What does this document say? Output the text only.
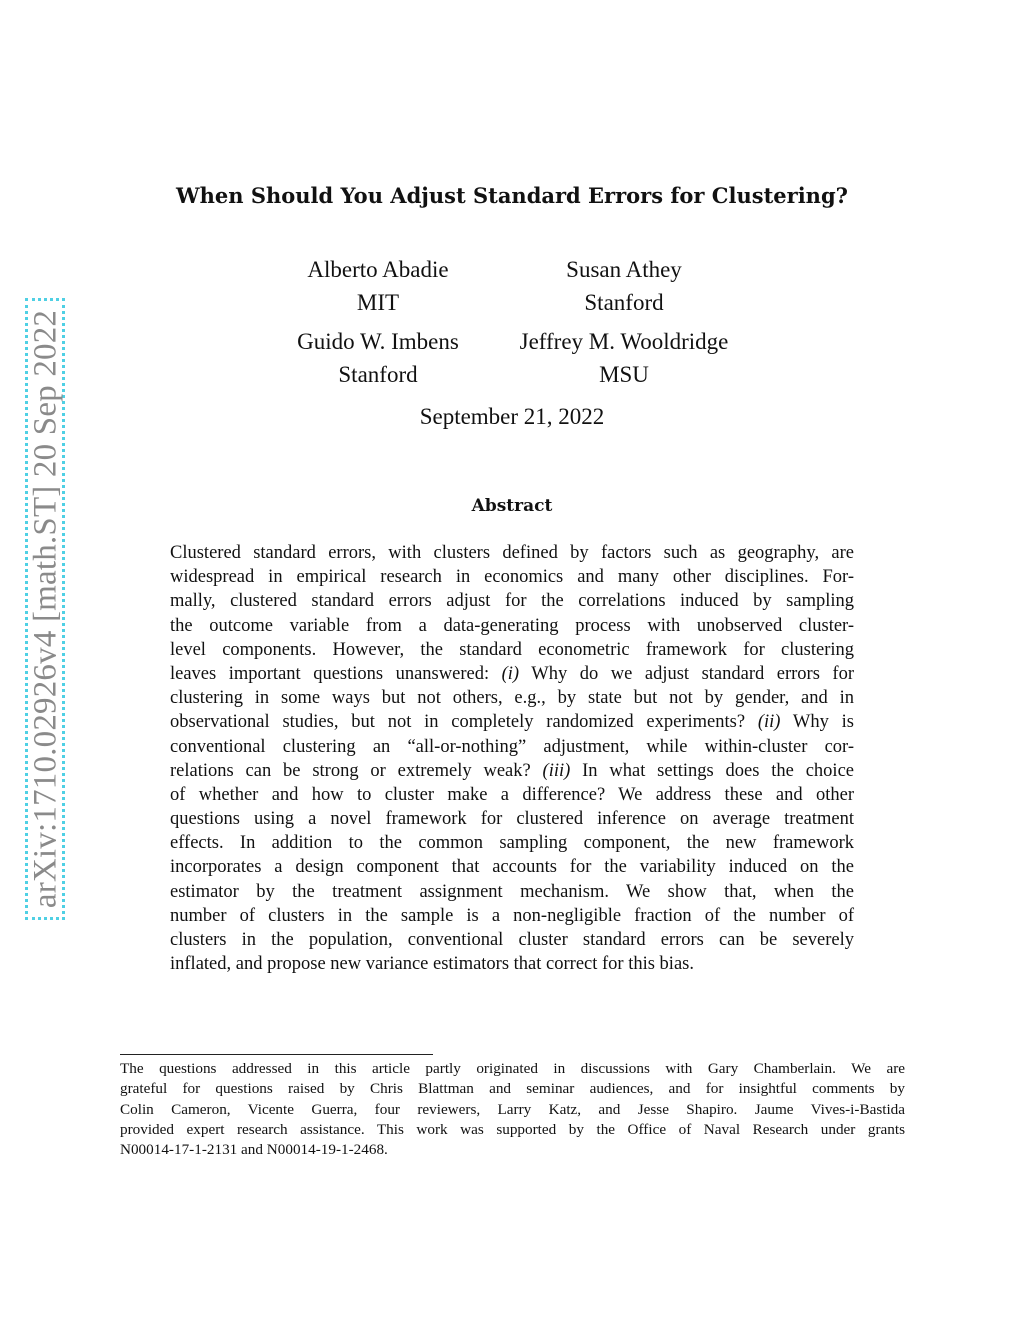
arXiv:1710.02926v4 [math.ST] 20 Sep 2022
When Should You Adjust Standard Errors for Clustering?
Alberto Abadie
MIT
Susan Athey
Stanford
Guido W. Imbens
Stanford
Jeffrey M. Wooldridge
MSU
September 21, 2022
Abstract
Clustered standard errors, with clusters defined by factors such as geography, are
widespread in empirical research in economics and many other disciplines. For-
mally, clustered standard errors adjust for the correlations induced by sampling
the outcome variable from a data-generating process with unobserved cluster-
level components. However, the standard econometric framework for clustering
leaves important questions unanswered: (i) Why do we adjust standard errors for
clustering in some ways but not others, e.g., by state but not by gender, and in
observational studies, but not in completely randomized experiments? (ii) Why is
conventional clustering an “all-or-nothing” adjustment, while within-cluster cor-
relations can be strong or extremely weak? (iii) In what settings does the choice
of whether and how to cluster make a difference? We address these and other
questions using a novel framework for clustered inference on average treatment
effects. In addition to the common sampling component, the new framework
incorporates a design component that accounts for the variability induced on the
estimator by the treatment assignment mechanism. We show that, when the
number of clusters in the sample is a non-negligible fraction of the number of
clusters in the population, conventional cluster standard errors can be severely
inflated, and propose new variance estimators that correct for this bias.
The questions addressed in this article partly originated in discussions with Gary Chamberlain. We are
grateful for questions raised by Chris Blattman and seminar audiences, and for insightful comments by
Colin Cameron, Vicente Guerra, four reviewers, Larry Katz, and Jesse Shapiro. Jaume Vives-i-Bastida
provided expert research assistance. This work was supported by the Office of Naval Research under grants
N00014-17-1-2131 and N00014-19-1-2468.
